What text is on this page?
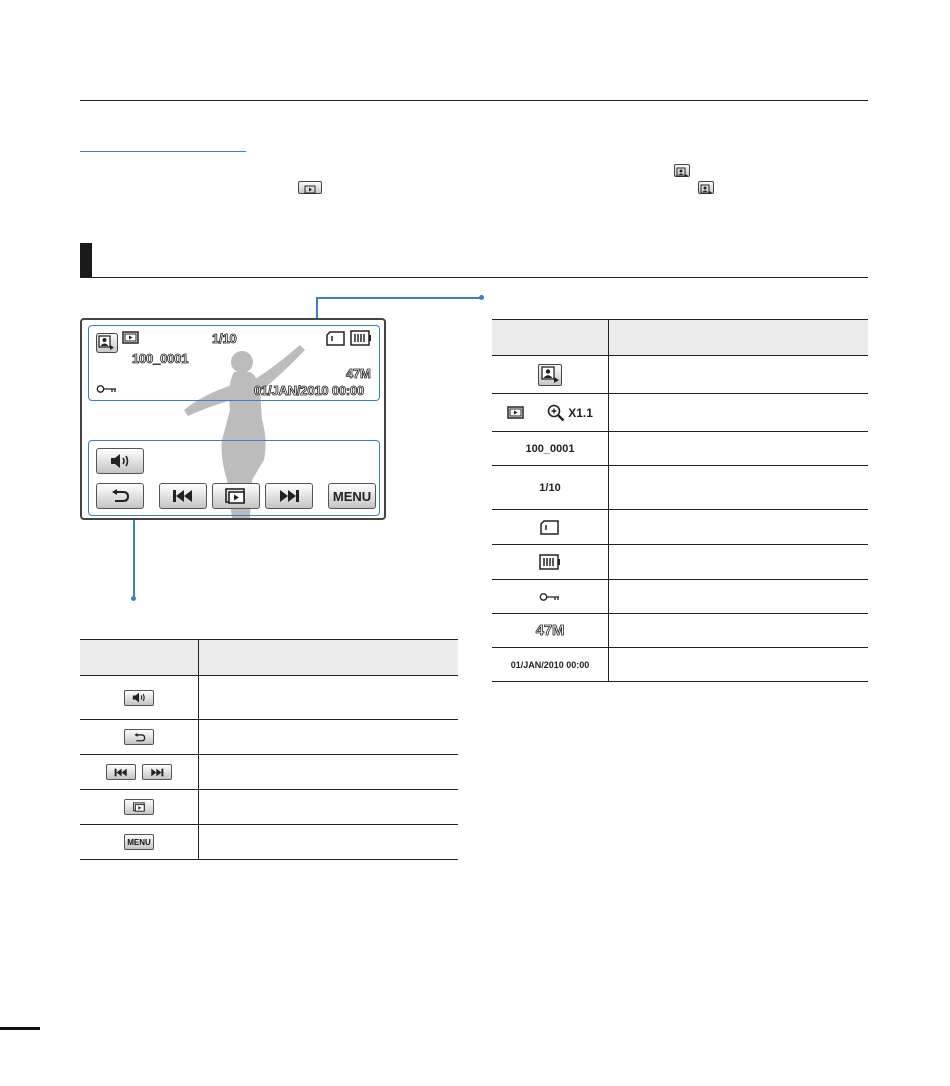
1/10
100_0001
47M
01/JAN/2010 00:00
MENU

X1.1	
100_0001	
1/10	

47M	
01/JAN/2010 00:00	

MENU	
